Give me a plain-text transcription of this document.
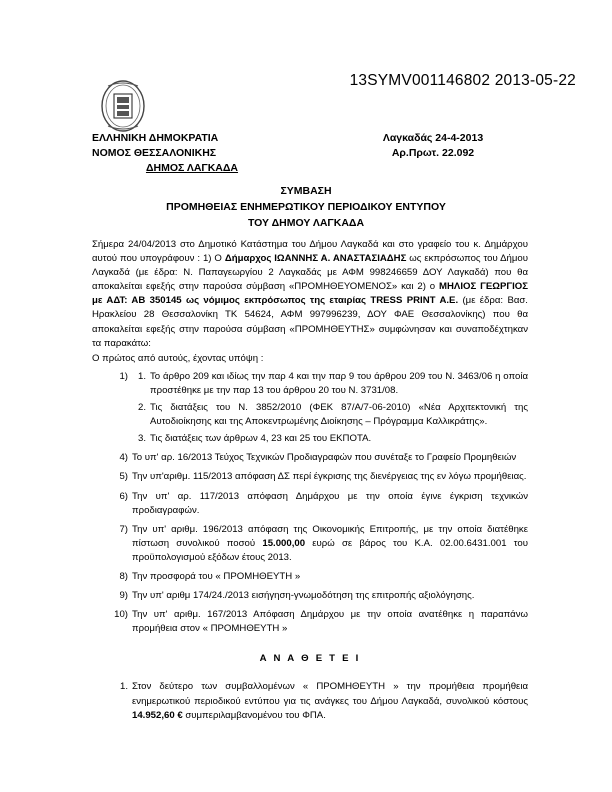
13SYMV001146802 2013-05-22
ΕΛΛΗΝΙΚΗ ΔΗΜΟΚΡΑΤΙΑ	Λαγκαδάς 24-4-2013
ΝΟΜΟΣ ΘΕΣΣΑΛΟΝΙΚΗΣ	Αρ.Πρωτ. 22.092
ΔΗΜΟΣ ΛΑΓΚΑΔΑ
ΣΥΜΒΑΣΗ
ΠΡΟΜΗΘΕΙΑΣ ΕΝΗΜΕΡΩΤΙΚΟΥ ΠΕΡΙΟΔΙΚΟΥ ΕΝΤΥΠΟΥ
ΤΟΥ ΔΗΜΟΥ ΛΑΓΚΑΔΑ

Σήμερα 24/04/2013 στο Δημοτικό Κατάστημα του Δήμου Λαγκαδά και στο γραφείο του κ. Δημάρχου αυτού που υπογράφουν : 1) Ο Δήμαρχος ΙΩΑΝΝΗΣ Α. ΑΝΑΣΤΑΣΙΑΔΗΣ ως εκπρόσωπος του Δήμου Λαγκαδά (με έδρα: Ν. Παπαγεωργίου 2 Λαγκαδάς με ΑΦΜ 998246659 ΔΟΥ Λαγκαδά) που θα αποκαλείται εφεξής στην παρούσα σύμβαση «ΠΡΟΜΗΘΕΥΟΜΕΝΟΣ» και 2) ο ΜΗΛΙΟΣ ΓΕΩΡΓΙΟΣ με ΑΔΤ: ΑΒ 350145 ως νόμιμος εκπρόσωπος της εταιρίας TRESS PRINT A.E. (με έδρα: Βασ. Ηρακλείου 28 Θεσσαλονίκη ΤΚ 54624, ΑΦΜ 997996239, ΔΟΥ ΦΑΕ Θεσσαλονίκης) που θα αποκαλείται εφεξής στην παρούσα σύμβαση «ΠΡΟΜΗΘΕΥΤΗΣ» συμφώνησαν και συναποδέχτηκαν τα παρακάτω:

Ο πρώτος από αυτούς, έχοντας υπόψη :

1)	1. Το άρθρο 209 και ιδίως την παρ 4 και την παρ 9 του άρθρου 209 του Ν. 3463/06 η οποία προστέθηκε με την παρ 13 του άρθρου 20 του Ν. 3731/08.
2. Τις διατάξεις του Ν. 3852/2010 (ΦΕΚ 87/Α/7-06-2010) «Νέα Αρχιτεκτονική της Αυτοδιοίκησης και της Αποκεντρωμένης Διοίκησης – Πρόγραμμα Καλλικράτης».
3. Τις διατάξεις των άρθρων 4, 23 και 25 του ΕΚΠΟΤΑ.
4) Το υπ' αρ. 16/2013 Τεύχος Τεχνικών Προδιαγραφών που συνέταξε το Γραφείο Προμηθειών
5) Την υπ'αριθμ. 115/2013 απόφαση ΔΣ περί έγκρισης της διενέργειας της εν λόγω προμήθειας.
6) Την υπ' αρ. 117/2013 απόφαση Δημάρχου με την οποία έγινε έγκριση τεχνικών προδιαγραφών.
7) Την υπ' αριθμ. 196/2013 απόφαση της Οικονομικής Επιτροπής, με την οποία διατέθηκε πίστωση συνολικού ποσού 15.000,00 ευρώ σε βάρος του Κ.Α. 02.00.6431.001 του προϋπολογισμού εξόδων έτους 2013.
8) Την προσφορά του « ΠΡΟΜΗΘΕΥΤΗ »
9) Την υπ' αριθμ 174/24./2013 εισήγηση-γνωμοδότηση της επιτροπής αξιολόγησης.
10) Την υπ' αριθμ. 167/2013 Απόφαση Δημάρχου με την οποία ανατέθηκε η παραπάνω προμήθεια στον « ΠΡΟΜΗΘΕΥΤΗ »
Α Ν Α Θ Ε Τ Ε Ι
1. Στον δεύτερο των συμβαλλομένων « ΠΡΟΜΗΘΕΥΤΗ » την προμήθεια προμήθεια ενημερωτικού περιοδικού εντύπου για τις ανάγκες του Δήμου Λαγκαδά, συνολικού κόστους 14.952,60 € συμπεριλαμβανομένου του ΦΠΑ.
